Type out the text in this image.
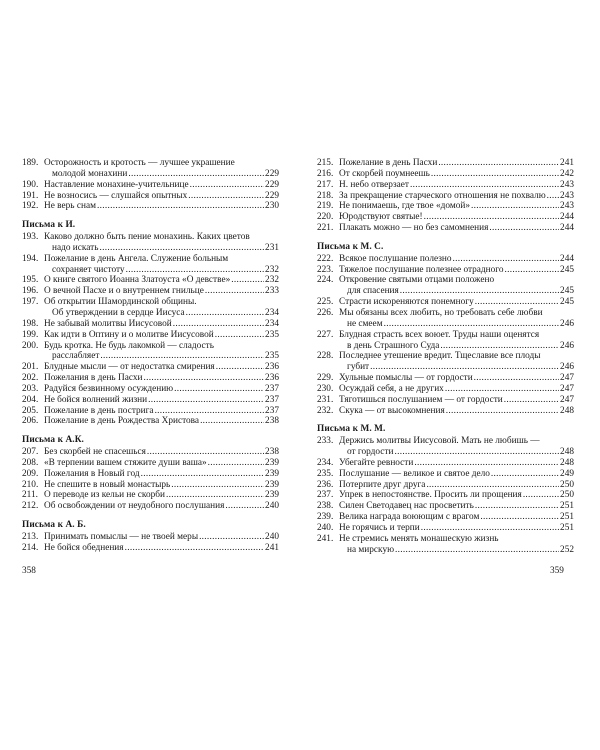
189. Осторожность и кротость — лучшее украшение
молодой монахини .....	229
190. Наставление монахине-учительнице .....	229
191. Не возносись — слушайся опытных .....	229
192. Не верь снам .....	230
Письма к И.
193. Каково должно быть пение монахинь. Каких цветов
надо искать .....	231
194. Пожелание в день Ангела. Служение больным
сохраняет чистоту .....	232
195. О книге святого Иоанна Златоуста «О девстве» .....	232
196. О вечной Пасхе и о внутреннем гнильце .....	233
197. Об открытии Шамординской общины.
Об утверждении в сердце Иисуса .....	234
198. Не забывай молитвы Иисусовой .....	234
199. Как идти в Оптину и о молитве Иисусовой .....	235
200. Будь кротка. Не будь лакомкой — сладость
расслабляет .....	235
201. Блудные мысли — от недостатка смирения .....	236
202. Пожелания в день Пасхи .....	236
203. Радуйся безвинному осуждению .....	237
204. Не бойся волнений жизни .....	237
205. Пожелание в день пострига .....	237
206. Пожелание в день Рождества Христова .....	238
Письма к А.К.
207. Без скорбей не спасешься .....	238
208. «В терпении вашем стяжите души ваша» .....	239
209. Пожелания в Новый год .....	239
210. Не спешите в новый монастырь .....	239
211. О переводе из кельи не скорби .....	239
212. Об освобождении от неудобного послушания .....	240
Письма к А. Б.
213. Принимать помыслы — не твоей меры .....	240
214. Не бойся обеднения .....	241
358
215. Пожелание в день Пасхи .....	241
216. От скорбей поумнеешь .....	242
217. Н. небо отверзает .....	243
218. За прекращение старческого отношения не похвалю ..... 243
219. Не понимаешь, где твое «домой» .....	243
220. Юродствуют святые! .....	244
221. Плакать можно — но без самомнения .....	244
Письма к М. С.
222. Всякое послушание полезно .....	244
223. Тяжелое послушание полезнее отрадного .....	245
224. Откровение святыми отцами положено
для спасения .....	245
225. Страсти искореняются понемногу .....	245
226. Мы обязаны всех любить, но требовать себе любви
не смеем .....	246
227. Блудная страсть всех воюет. Труды наши оценятся
в день Страшного Суда .....	246
228. Последнее утешение вредит. Тщеславие все плоды
губит .....	246
229. Хульные помыслы — от гордости .....	247
230. Осуждай себя, а не других .....	247
231. Тяготишься послушанием — от гордости .....	247
232. Скука — от высокомнения .....	248
Письма к М. М.
233. Держись молитвы Иисусовой. Мать не любишь —
от гордости .....	248
234. Убегайте ревности .....	248
235. Послушание — великое и святое дело .....	249
236. Потерпите друг друга .....	250
237. Упрек в непостоянстве. Просить ли прощения .....	250
238. Силен Светодавец нас просветить .....	251
239. Велика награда воюющим с врагом .....	251
240. Не горячись и терпи .....	251
241. Не стремись менять монашескую жизнь
на мирскую .....	252
359
